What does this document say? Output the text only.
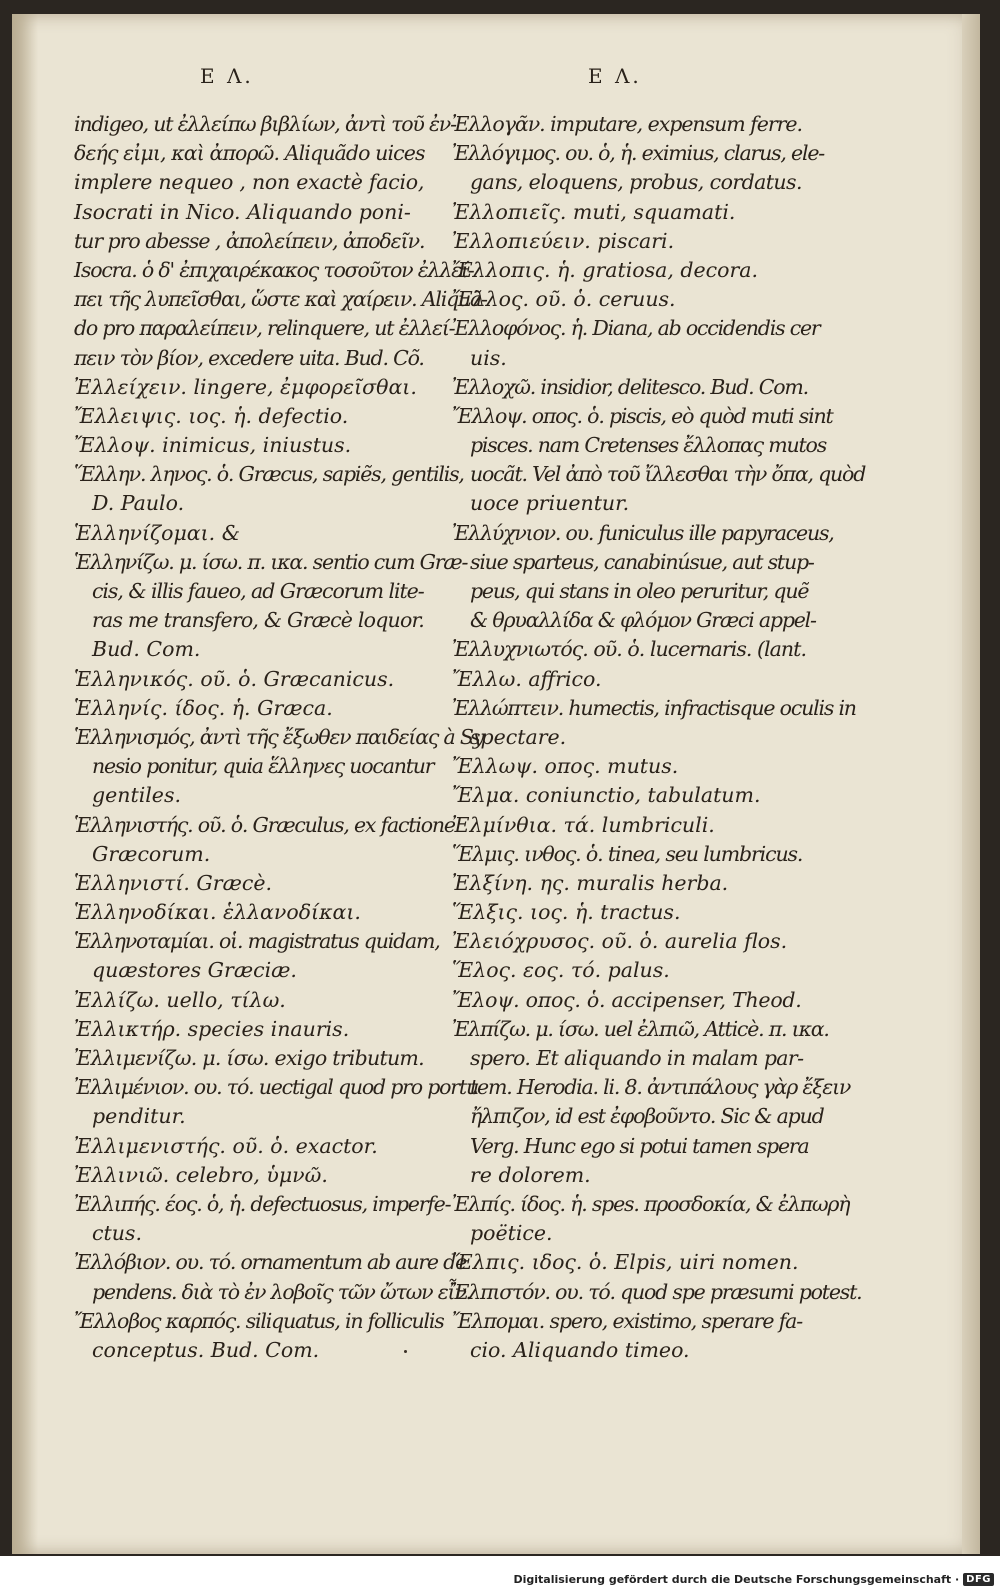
E Λ.	E Λ.
indigeo, ut ἐλλείπω βιβλίων, ἀντὶ τοῦ ἐν-
δεής εἰμι, καὶ ἀπορῶ. Aliquãdo uices
implere nequeo , non exactè facio,
Isocrati in Nico. Aliquando poni-
tur pro abesse , ἀπολείπειν, ἀποδεῖν.
Isocra. ὁ δ' ἐπιχαιρέκακος τοσοῦτον ἐλλεί-
πει τῆς λυπεῖσθαι, ὥστε καὶ χαίρειν. Aliquã-
do pro παραλείπειν, relinquere, ut ἐλλεί-
πειν τὸν βίον, excedere uita. Bud. Cõ.
Ἐλλείχειν. lingere, ἐμφορεῖσθαι.
Ἔλλειψις. ιος. ἡ. defectio.
Ἔλλοψ. inimicus, iniustus.
Ἕλλην. ληνος. ὁ. Græcus, sapiẽs, gentilis,
D. Paulo.
Ἑλληνίζομαι. &
Ἑλληνίζω. μ. ίσω. π. ικα. sentio cum Græ-
cis, & illis faueo, ad Græcorum lite-
ras me transfero, & Græcè loquor.
Bud. Com.
Ἑλληνικός. οῦ. ὁ. Græcanicus.
Ἑλληνίς. ίδος. ἡ. Græca.
Ἑλληνισμός, ἀντὶ τῆς ἔξωθεν παιδείας à Sy
nesio ponitur, quia ἕλληνες uocantur
gentiles.
Ἑλληνιστής. οῦ. ὁ. Græculus, ex factione
Græcorum.
Ἑλληνιστί. Græcè.
Ἑλληνοδίκαι. ἑλλανοδίκαι.
Ἑλληνοταμίαι. οἱ. magistratus quidam,
quæstores Græciæ.
Ἐλλίζω. uello, τίλω.
Ἐλλικτήρ. species inauris.
Ἐλλιμενίζω. μ. ίσω. exigo tributum.
Ἐλλιμένιον. ου. τό. uectigal quod pro portu
penditur.
Ἐλλιμενιστής. οῦ. ὁ. exactor.
Ἐλλινιῶ. celebro, ὑμνῶ.
Ἐλλιπής. έος. ὁ, ἡ. defectuosus, imperfe-
ctus.
Ἐλλόβιον. ου. τό. ornamentum ab aure de
pendens. διὰ τὸ ἐν λοβοῖς τῶν ὤτων εἶν.
Ἔλλοβος καρπός. siliquatus, in folliculis
conceptus. Bud. Com.
Ἐλλογᾶν. imputare, expensum ferre.
Ἐλλόγιμος. ου. ὁ, ἡ. eximius, clarus, ele-
gans, eloquens, probus, cordatus.
Ἐλλοπιεῖς. muti, squamati.
Ἐλλοπιεύειν. piscari.
Ἔλλοπις. ἡ. gratiosa, decora.
Ἔλλος. οῦ. ὁ. ceruus.
Ἐλλοφόνος. ἡ. Diana, ab occidendis cer
uis.
Ἐλλοχῶ. insidior, delitesco. Bud. Com.
Ἔλλοψ. οπος. ὁ. piscis, eò quòd muti sint
pisces. nam Cretenses ἔλλοπας mutos
uocãt. Vel ἀπὸ τοῦ ἴλλεσθαι τὴν ὄπα, quòd
uoce priuentur.
Ἐλλύχνιον. ου. funiculus ille papyraceus,
siue sparteus, canabinúsue, aut stup-
peus, qui stans in oleo peruritur, quẽ
& θρυαλλίδα & φλόμον Græci appel-
Ἐλλυχνιωτός. οῦ. ὁ. lucernaris. (lant.
Ἔλλω. affrico.
Ἐλλώπτειν. humectis, infractisque oculis in
spectare.
Ἔλλωψ. οπος. mutus.
Ἔλμα. coniunctio, tabulatum.
Ἐλμίνθια. τά. lumbriculi.
Ἕλμις. ινθος. ὁ. tinea, seu lumbricus.
Ἐλξίνη. ης. muralis herba.
Ἕλξις. ιος. ἡ. tractus.
Ἐλειόχρυσος. οῦ. ὁ. aurelia flos.
Ἕλος. εος. τό. palus.
Ἔλοψ. οπος. ὁ. accipenser, Theod.
Ἐλπίζω. μ. ίσω. uel ἐλπιῶ, Atticè. π. ικα.
spero. Et aliquando in malam par-
tem. Herodia. li. 8. ἀντιπάλους γὰρ ἔξειν
ἤλπιζον, id est ἐφοβοῦντο. Sic & apud
Verg. Hunc ego si potui tamen spera
re dolorem.
Ἐλπίς. ίδος. ἡ. spes. προσδοκία, & ἐλπωρὴ
poëtice.
Ἔλπις. ιδος. ὁ. Elpis, uiri nomen.
Ἐλπιστόν. ου. τό. quod spe præsumi potest.
Ἔλπομαι. spero, existimo, sperare fa-
cio. Aliquando timeo.
Digitalisierung gefördert durch die Deutsche Forschungsgemeinschaft · DFG
